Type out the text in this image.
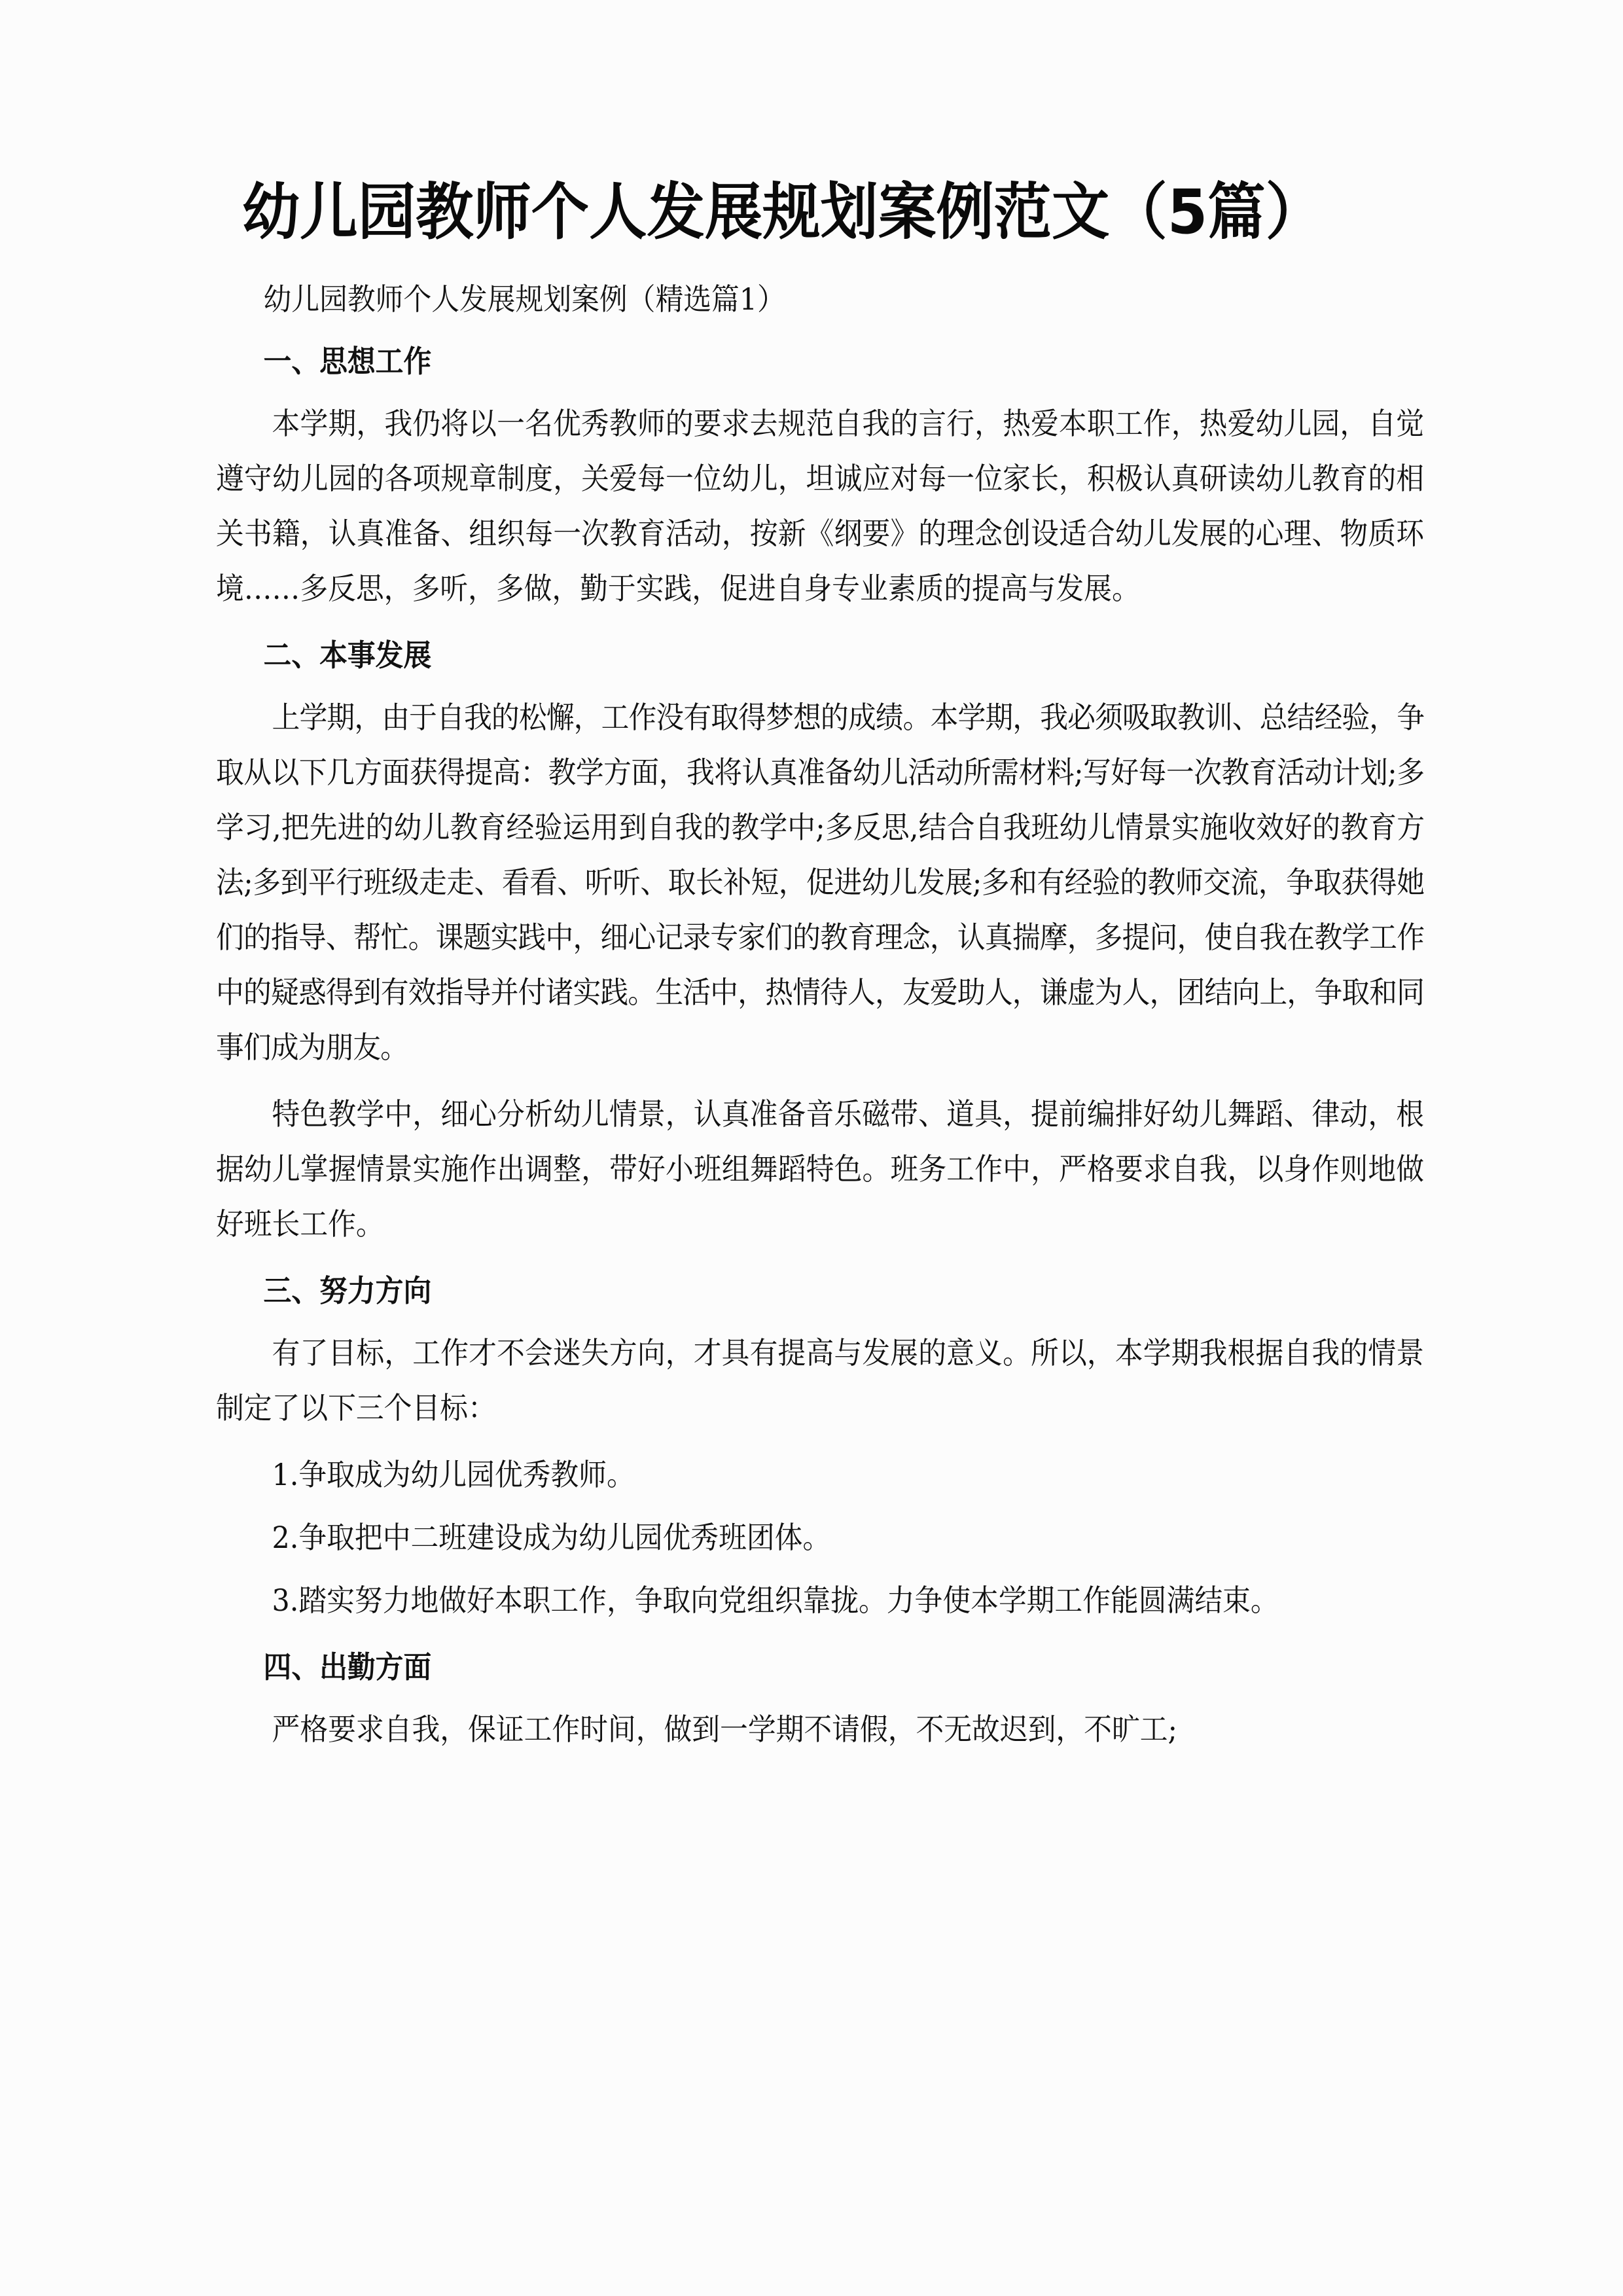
幼儿园教师个人发展规划案例范文（5篇）

幼儿园教师个人发展规划案例（精选篇1）

一、思想工作

本学期，我仍将以一名优秀教师的要求去规范自我的言行，热爱本职工作，热爱幼儿园，自觉遵守幼儿园的各项规章制度，关爱每一位幼儿，坦诚应对每一位家长，积极认真研读幼儿教育的相关书籍，认真准备、组织每一次教育活动，按新《纲要》的理念创设适合幼儿发展的心理、物质环境……多反思，多听，多做，勤于实践，促进自身专业素质的提高与发展。

二、本事发展

上学期，由于自我的松懈，工作没有取得梦想的成绩。本学期，我必须吸取教训、总结经验，争取从以下几方面获得提高：教学方面，我将认真准备幼儿活动所需材料;写好每一次教育活动计划;多学习,把先进的幼儿教育经验运用到自我的教学中;多反思,结合自我班幼儿情景实施收效好的教育方法;多到平行班级走走、看看、听听、取长补短，促进幼儿发展;多和有经验的教师交流，争取获得她们的指导、帮忙。课题实践中，细心记录专家们的教育理念，认真揣摩，多提问，使自我在教学工作中的疑惑得到有效指导并付诸实践。生活中，热情待人，友爱助人，谦虚为人，团结向上，争取和同事们成为朋友。

特色教学中，细心分析幼儿情景，认真准备音乐磁带、道具，提前编排好幼儿舞蹈、律动，根据幼儿掌握情景实施作出调整，带好小班组舞蹈特色。班务工作中，严格要求自我，以身作则地做好班长工作。

三、努力方向

有了目标，工作才不会迷失方向，才具有提高与发展的意义。所以，本学期我根据自我的情景制定了以下三个目标：

1.争取成为幼儿园优秀教师。

2.争取把中二班建设成为幼儿园优秀班团体。

3.踏实努力地做好本职工作，争取向党组织靠拢。力争使本学期工作能圆满结束。

四、出勤方面

严格要求自我，保证工作时间，做到一学期不请假，不无故迟到，不旷工;
